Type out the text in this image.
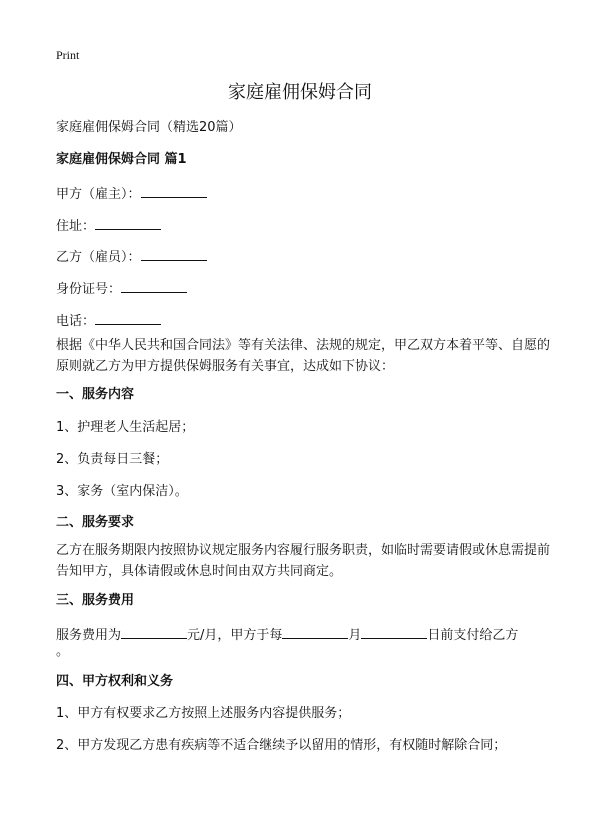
Print
家庭雇佣保姆合同
家庭雇佣保姆合同（精选20篇）
家庭雇佣保姆合同 篇1
甲方（雇主）：
住址：
乙方（雇员）：
身份证号：
电话：
根据《中华人民共和国合同法》等有关法律、法规的规定，甲乙双方本着平等、自愿的原则就乙方为甲方提供保姆服务有关事宜，达成如下协议：
一、服务内容
1、护理老人生活起居；
2、负责每日三餐；
3、家务（室内保洁）。
二、服务要求
乙方在服务期限内按照协议规定服务内容履行服务职责，如临时需要请假或休息需提前告知甲方，具体请假或休息时间由双方共同商定。
三、服务费用
服务费用为	元/月，甲方于每	月	日前支付给乙方
。
四、甲方权利和义务
1、甲方有权要求乙方按照上述服务内容提供服务；
2、甲方发现乙方患有疾病等不适合继续予以留用的情形，有权随时解除合同；
